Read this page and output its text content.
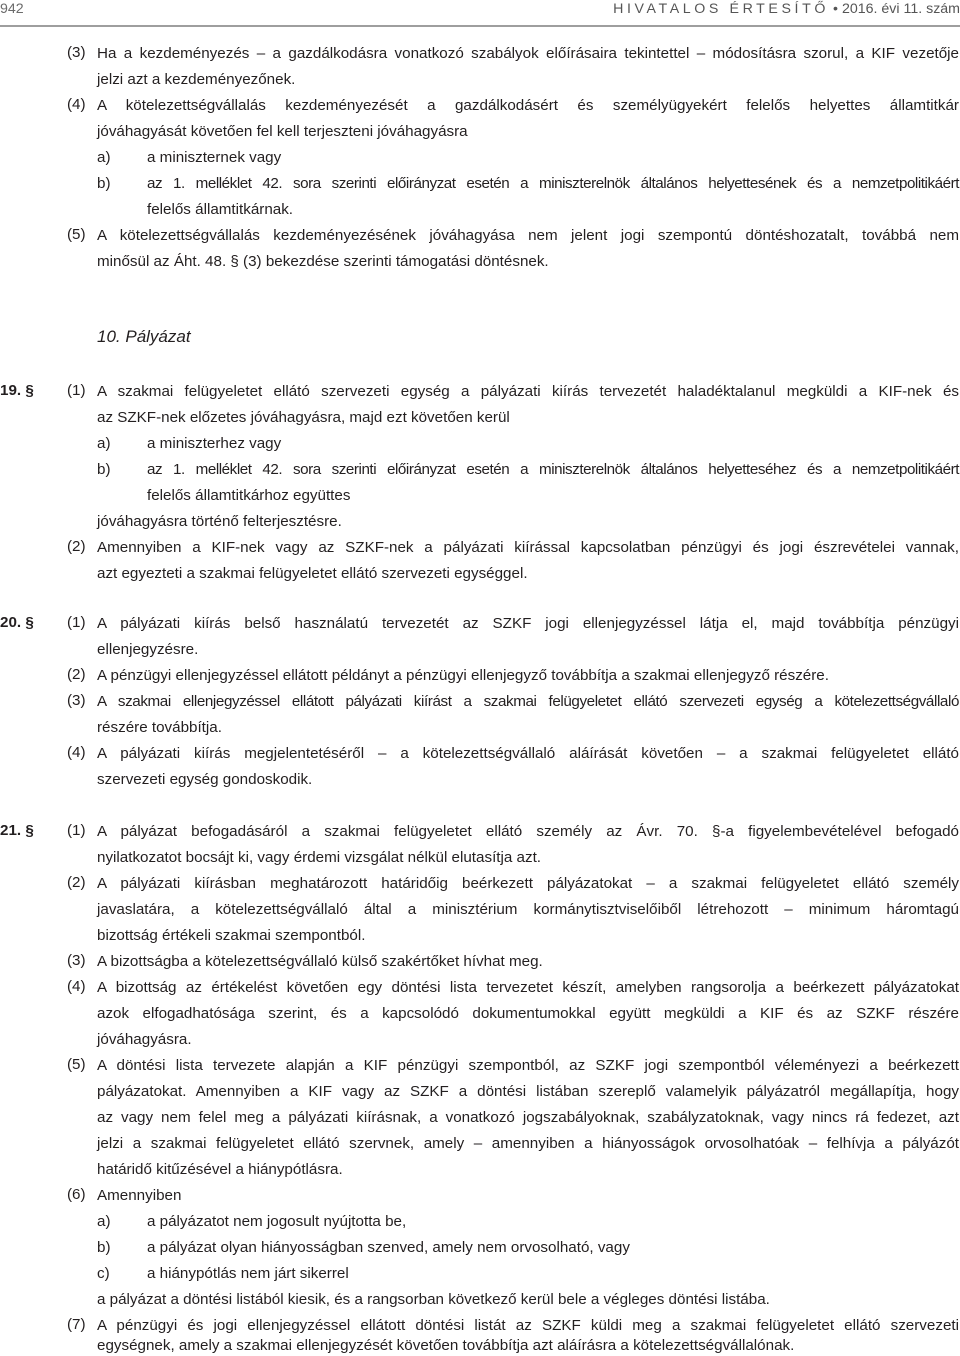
942	HIVATALOS ÉRTESÍTŐ • 2016. évi 11. szám
(3) Ha a kezdeményezés – a gazdálkodásra vonatkozó szabályok előírásaira tekintettel – módosításra szorul, a KIF vezetője
jelzi azt a kezdeményezőnek.
(4) A kötelezettségvállalás kezdeményezését a gazdálkodásért és személyügyekért felelős helyettes államtitkár
jóváhagyását követően fel kell terjeszteni jóváhagyásra
a) a miniszternek vagy
b) az 1. melléklet 42. sora szerinti előirányzat esetén a miniszterelnök általános helyettesének és a nemzetpolitikáért
felelős államtitkárnak.
(5) A kötelezettségvállalás kezdeményezésének jóváhagyása nem jelent jogi szempontú döntéshozatalt, továbbá nem
minősül az Áht. 48. § (3) bekezdése szerinti támogatási döntésnek.
10. Pályázat
19. § (1) A szakmai felügyeletet ellátó szervezeti egység a pályázati kiírás tervezetét haladéktalanul megküldi a KIF-nek és
az SZKF-nek előzetes jóváhagyásra, majd ezt követően kerül
a) a miniszterhez vagy
b) az 1. melléklet 42. sora szerinti előirányzat esetén a miniszterelnök általános helyetteséhez és a nemzetpolitikáért
felelős államtitkárhoz együttes
jóváhagyásra történő felterjesztésre.
(2) Amennyiben a KIF-nek vagy az SZKF-nek a pályázati kiírással kapcsolatban pénzügyi és jogi észrevételei vannak,
azt egyezteti a szakmai felügyeletet ellátó szervezeti egységgel.
20. § (1) A pályázati kiírás belső használatú tervezetét az SZKF jogi ellenjegyzéssel látja el, majd továbbítja pénzügyi
ellenjegyzésre.
(2) A pénzügyi ellenjegyzéssel ellátott példányt a pénzügyi ellenjegyző továbbítja a szakmai ellenjegyző részére.
(3) A szakmai ellenjegyzéssel ellátott pályázati kiírást a szakmai felügyeletet ellátó szervezeti egység a kötelezettségvállaló
részére továbbítja.
(4) A pályázati kiírás megjelentetéséről – a kötelezettségvállaló aláírását követően – a szakmai felügyeletet ellátó
szervezeti egység gondoskodik.
21. § (1) A pályázat befogadásáról a szakmai felügyeletet ellátó személy az Ávr. 70. §-a figyelembevételével befogadó
nyilatkozatot bocsájt ki, vagy érdemi vizsgálat nélkül elutasítja azt.
(2) A pályázati kiírásban meghatározott határidőig beérkezett pályázatokat – a szakmai felügyeletet ellátó személy
javaslatára, a kötelezettségvállaló által a minisztérium kormánytisztviselőiből létrehozott – minimum háromtagú
bizottság értékeli szakmai szempontból.
(3) A bizottságba a kötelezettségvállaló külső szakértőket hívhat meg.
(4) A bizottság az értékelést követően egy döntési lista tervezetet készít, amelyben rangsorolja a beérkezett pályázatokat
azok elfogadhatósága szerint, és a kapcsolódó dokumentumokkal együtt megküldi a KIF és az SZKF részére
jóváhagyásra.
(5) A döntési lista tervezete alapján a KIF pénzügyi szempontból, az SZKF jogi szempontból véleményezi a beérkezett
pályázatokat. Amennyiben a KIF vagy az SZKF a döntési listában szereplő valamelyik pályázatról megállapítja, hogy
az vagy nem felel meg a pályázati kiírásnak, a vonatkozó jogszabályoknak, szabályzatoknak, vagy nincs rá fedezet, azt
jelzi a szakmai felügyeletet ellátó szervnek, amely – amennyiben a hiányosságok orvosolhatóak – felhívja a pályázót
határidő kitűzésével a hiánypótlásra.
(6) Amennyiben
a) a pályázatot nem jogosult nyújtotta be,
b) a pályázat olyan hiányosságban szenved, amely nem orvosolható, vagy
c) a hiánypótlás nem járt sikerrel
a pályázat a döntési listából kiesik, és a rangsorban következő kerül bele a végleges döntési listába.
(7) A pénzügyi és jogi ellenjegyzéssel ellátott döntési listát az SZKF küldi meg a szakmai felügyeletet ellátó szervezeti
egységnek, amely a szakmai ellenjegyzését követően továbbítja azt aláírásra a kötelezettségvállalónak.
